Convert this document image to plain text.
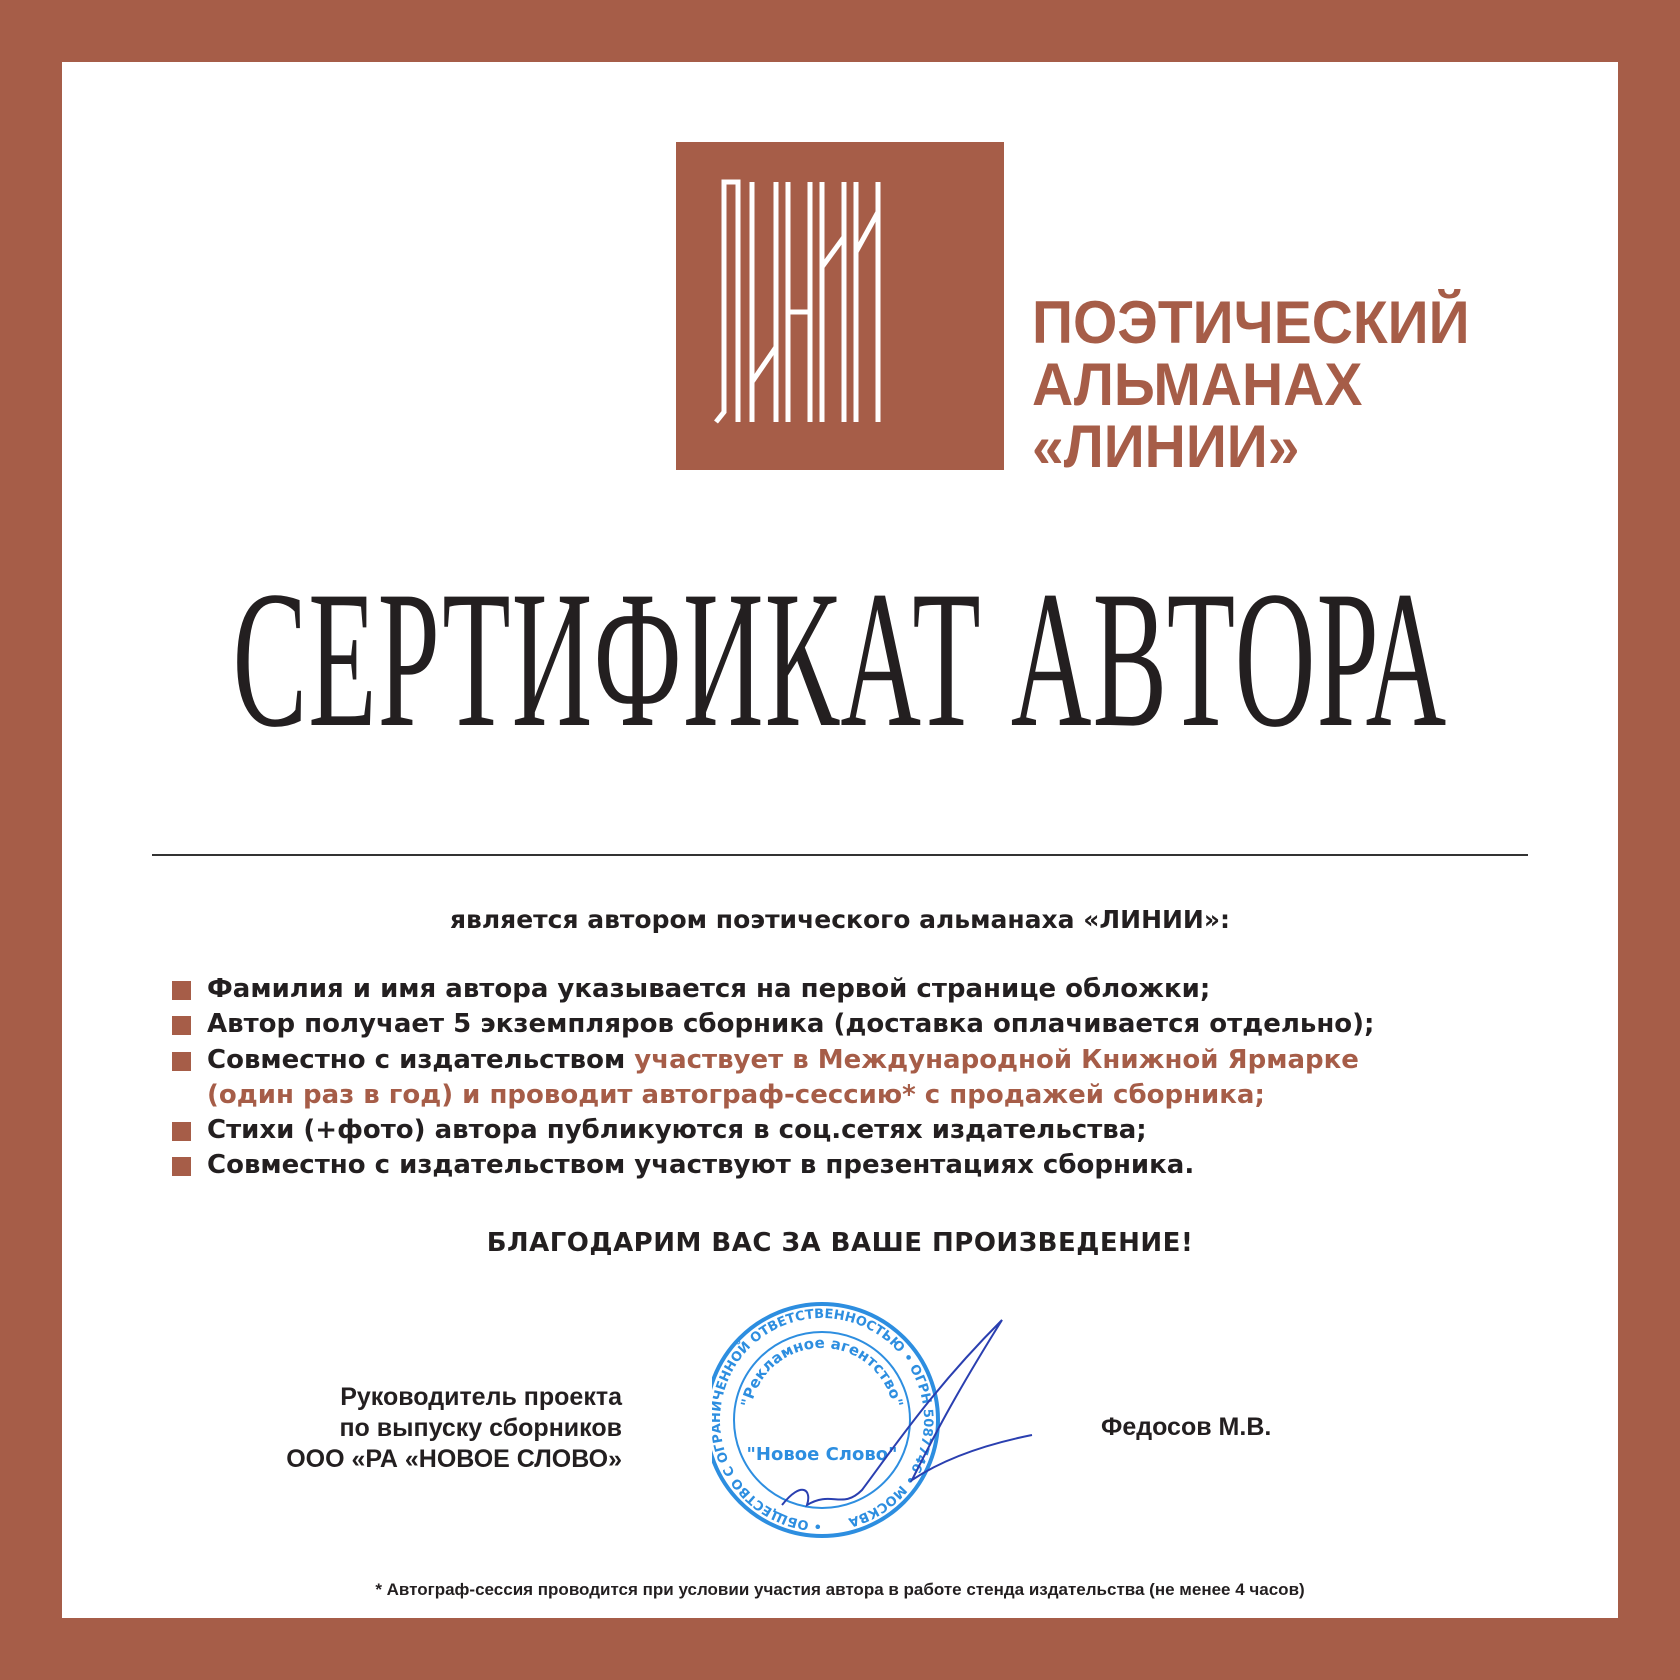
ПОЭТИЧЕСКИЙ
АЛЬМАНАХ
«ЛИНИИ»
СЕРТИФИКАТ АВТОРА
является автором поэтического альманаха «ЛИНИИ»:
Фамилия и имя автора указывается на первой странице обложки;
Автор получает 5 экземпляров сборника (доставка оплачивается отдельно);
Совместно с издательством участвует в Международной Книжной Ярмарке
(один раз в год) и проводит автограф-сессию* с продажей сборника;
Стихи (+фото) автора публикуются в соц.сетях издательства;
Совместно с издательством участвуют в презентациях сборника.
БЛАГОДАРИМ ВАС ЗА ВАШЕ ПРОИЗВЕДЕНИЕ!
Руководитель проекта
по выпуску сборников
ООО «РА «НОВОЕ СЛОВО»
Федосов М.В.
• ОБЩЕСТВО С ОГ ЧЕННОЙ ОТВЕТСТВЕННОСТЬЮ • ОГРН 5087746 • МОСКВА
"Рекламное агентство"
"Новое Слово"
* Автограф-сессия проводится при условии участия автора в работе стенда издательства (не менее 4 часов)
